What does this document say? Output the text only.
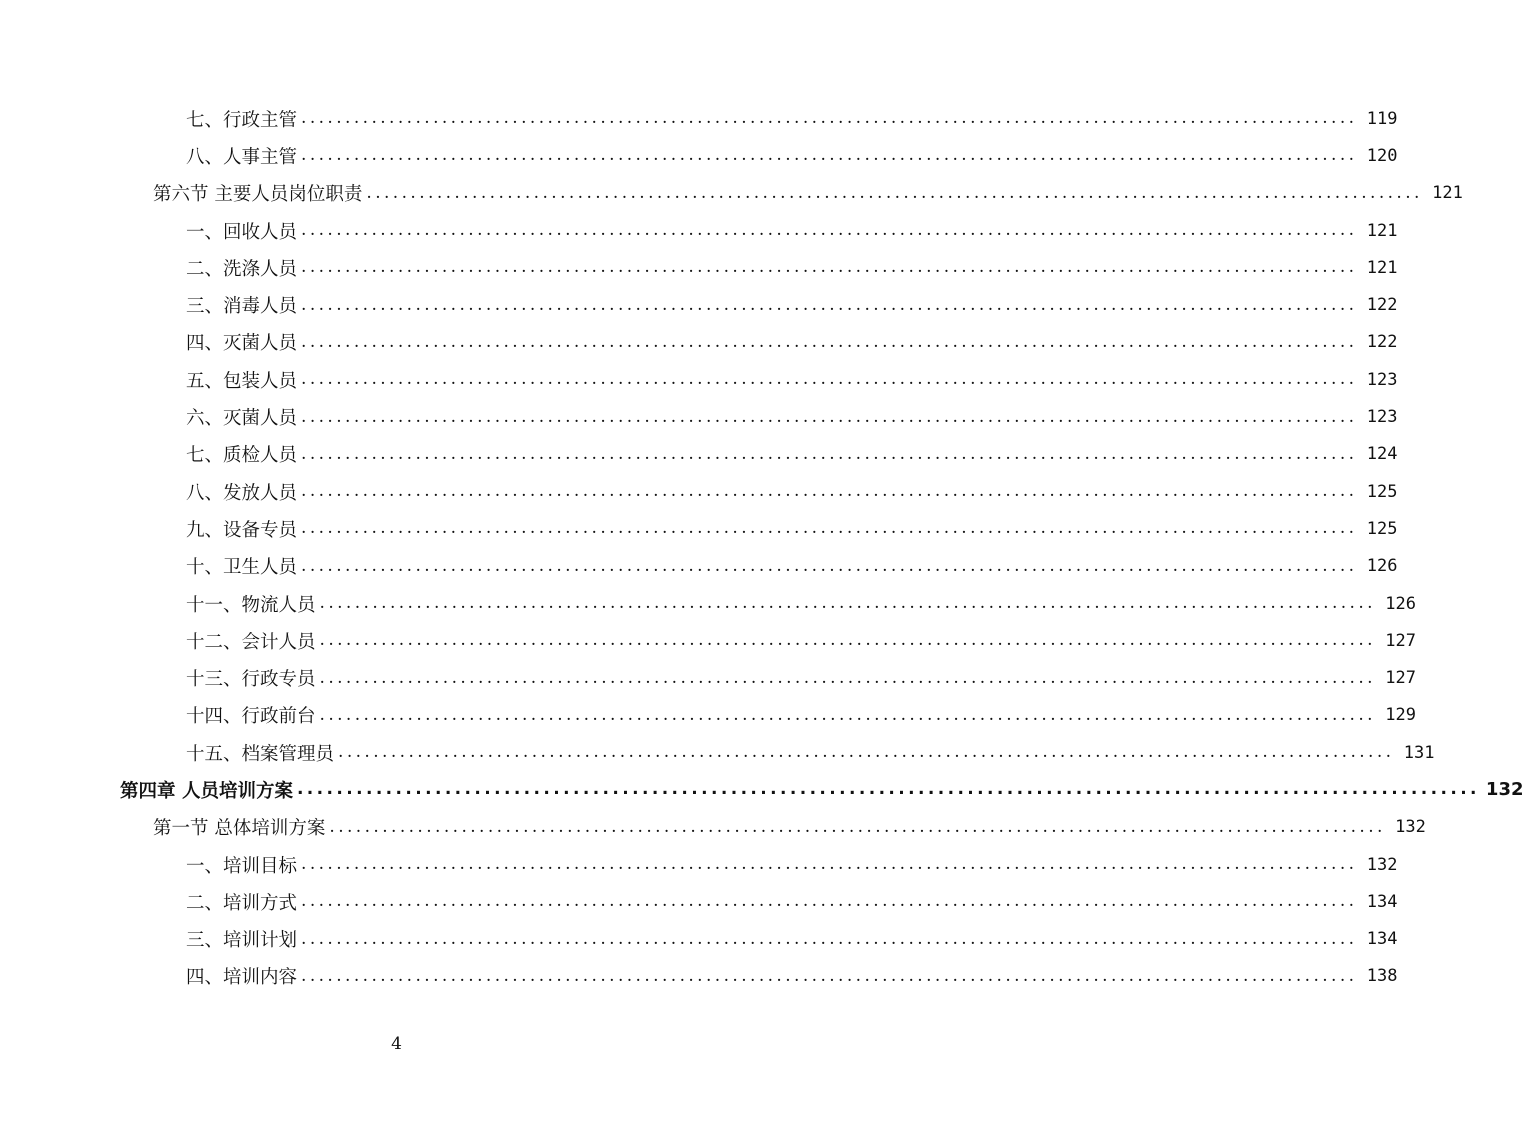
七、行政主管 ........................................................................................................................ 119
八、人事主管 ........................................................................................................................ 120
第六节 主要人员岗位职责 ........................................................................................................................ 121
一、回收人员 ........................................................................................................................ 121
二、洗涤人员 ........................................................................................................................ 121
三、消毒人员 ........................................................................................................................ 122
四、灭菌人员 ........................................................................................................................ 122
五、包装人员 ........................................................................................................................ 123
六、灭菌人员 ........................................................................................................................ 123
七、质检人员 ........................................................................................................................ 124
八、发放人员 ........................................................................................................................ 125
九、设备专员 ........................................................................................................................ 125
十、卫生人员 ........................................................................................................................ 126
十一、物流人员 ........................................................................................................................ 126
十二、会计人员 ........................................................................................................................ 127
十三、行政专员 ........................................................................................................................ 127
十四、行政前台 ........................................................................................................................ 129
十五、档案管理员 ........................................................................................................................ 131
第四章 人员培训方案 ........................................................................................................................ 132
第一节 总体培训方案 ........................................................................................................................ 132
一、培训目标 ........................................................................................................................ 132
二、培训方式 ........................................................................................................................ 134
三、培训计划 ........................................................................................................................ 134
四、培训内容 ........................................................................................................................ 138
4
